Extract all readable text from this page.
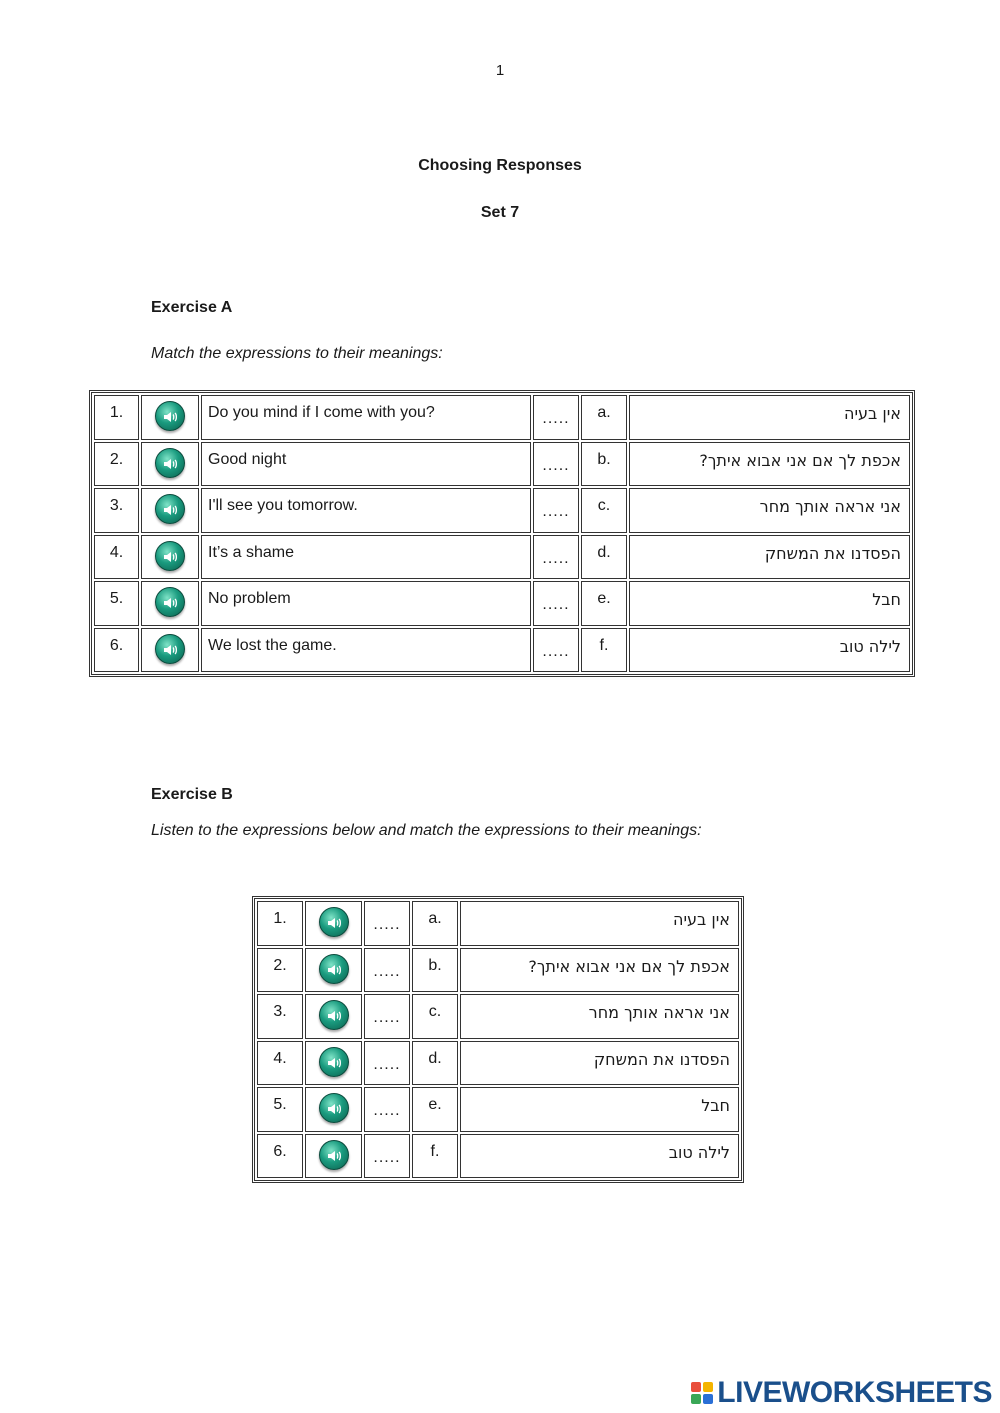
1
Choosing Responses
Set 7
Exercise A
Match the expressions to their meanings:
1.		Do you mind if I come with you?	.....	a.	אין בעיה
2.		Good night	.....	b.	אכפת לך אם אני אבוא איתך?
3.		I'll see you tomorrow.	.....	c.	אני אראה אותך מחר
4.		It’s a shame	.....	d.	הפסדנו את המשחק
5.		No problem	.....	e.	חבל
6.		We lost the game.	.....	f.	לילה טוב
Exercise B
Listen to the expressions below and match the expressions to their meanings:
1.		.....	a.	אין בעיה
2.		.....	b.	אכפת לך אם אני אבוא איתך?
3.		.....	c.	אני אראה אותך מחר
4.		.....	d.	הפסדנו את המשחק
5.		.....	e.	חבל
6.		.....	f.	לילה טוב
LIVEWORKSHEETS
